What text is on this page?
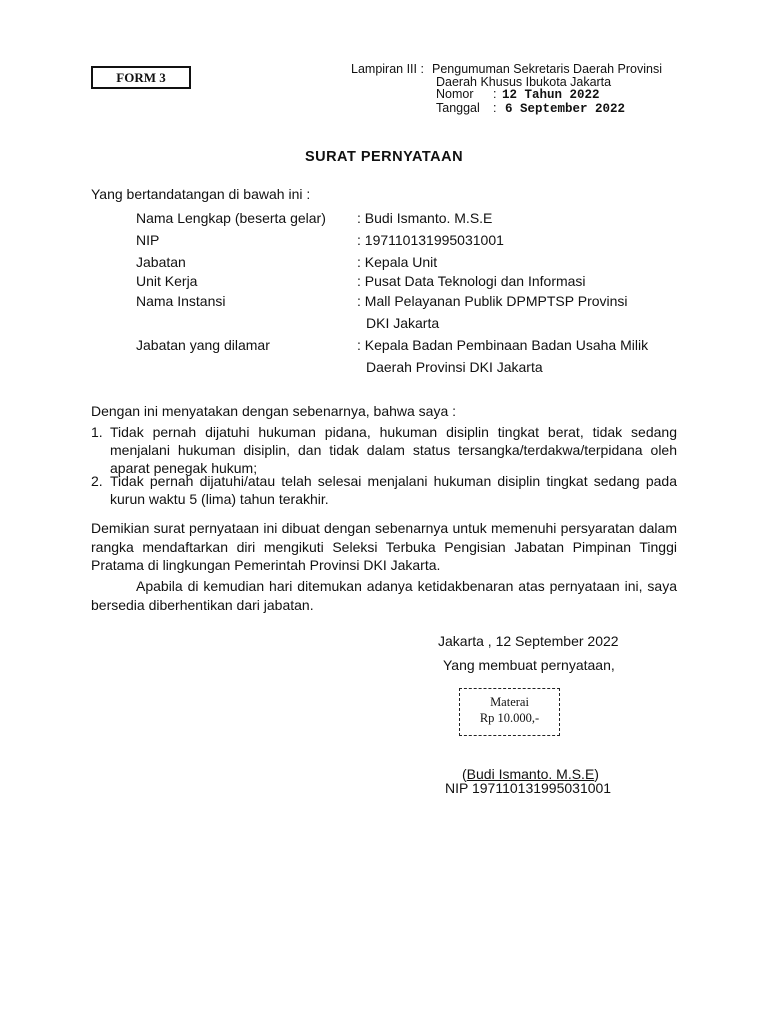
FORM 3
Lampiran III : Pengumuman Sekretaris Daerah Provinsi
Daerah Khusus Ibukota Jakarta
Nomor : 12 Tahun 2022
Tanggal : 6 September 2022
SURAT PERNYATAAN
Yang bertandatangan di bawah ini :
Nama Lengkap (beserta gelar) : Budi Ismanto. M.S.E
NIP	: 197110131995031001
Jabatan	: Kepala Unit
Unit Kerja	: Pusat Data Teknologi dan Informasi
Nama Instansi	: Mall Pelayanan Publik DPMPTSP Provinsi
DKI Jakarta
Jabatan yang dilamar	: Kepala Badan Pembinaan Badan Usaha Milik
Daerah Provinsi DKI Jakarta
Dengan ini menyatakan dengan sebenarnya, bahwa saya :
1. Tidak pernah dijatuhi hukuman pidana, hukuman disiplin tingkat berat, tidak sedang menjalani hukuman disiplin, dan tidak dalam status tersangka/terdakwa/terpidana oleh aparat penegak hukum;
2. Tidak pernah dijatuhi/atau telah selesai menjalani hukuman disiplin tingkat sedang pada kurun waktu 5 (lima) tahun terakhir.
Demikian surat pernyataan ini dibuat dengan sebenarnya untuk memenuhi persyaratan dalam rangka mendaftarkan diri mengikuti Seleksi Terbuka Pengisian Jabatan Pimpinan Tinggi Pratama di lingkungan Pemerintah Provinsi DKI Jakarta.
Apabila di kemudian hari ditemukan adanya ketidakbenaran atas pernyataan ini, saya bersedia diberhentikan dari jabatan.
Jakarta , 12 September 2022
Yang membuat pernyataan,
Materai
Rp 10.000,-
(Budi Ismanto. M.S.E)
NIP 197110131995031001
